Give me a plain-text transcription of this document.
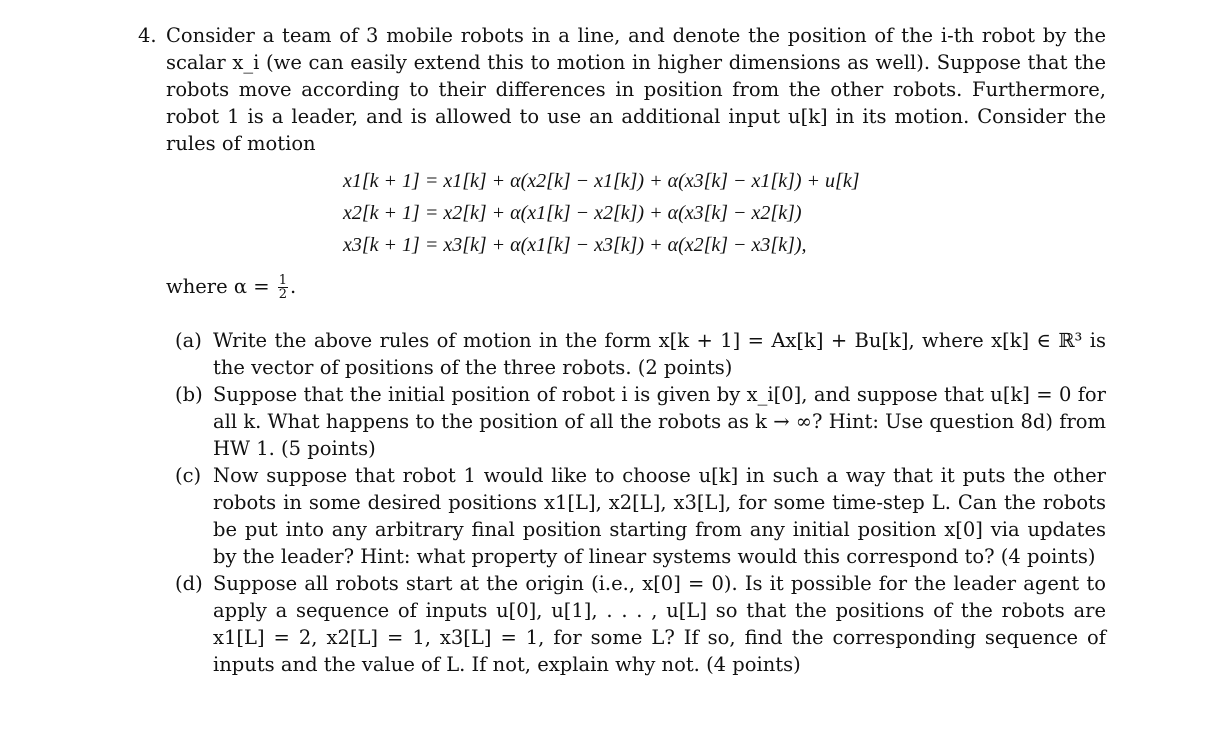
4. Consider a team of 3 mobile robots in a line, and denote the position of the i-th robot by the scalar x_i (we can easily extend this to motion in higher dimensions as well). Suppose that the robots move according to their differences in position from the other robots. Furthermore, robot 1 is a leader, and is allowed to use an additional input u[k] in its motion. Consider the rules of motion
x1[k + 1] = x1[k] + α(x2[k] − x1[k]) + α(x3[k] − x1[k]) + u[k]
x2[k + 1] = x2[k] + α(x1[k] − x2[k]) + α(x3[k] − x2[k])
x3[k + 1] = x3[k] + α(x1[k] − x3[k]) + α(x2[k] − x3[k]),
where $\alpha = \frac{1}{2}$ .
(a) Write the above rules of motion in the form x[k + 1] = Ax[k] + Bu[k], where x[k] ∈ ℝ³ is the vector of positions of the three robots. (2 points)
(b) Suppose that the initial position of robot i is given by x_i[0], and suppose that u[k] = 0 for all k. What happens to the position of all the robots as k → ∞? Hint: Use question 8d) from HW 1. (5 points)
(c) Now suppose that robot 1 would like to choose u[k] in such a way that it puts the other robots in some desired positions x1[L], x2[L], x3[L], for some time-step L. Can the robots be put into any arbitrary final position starting from any initial position x[0] via updates by the leader? Hint: what property of linear systems would this correspond to? (4 points)
(d) Suppose all robots start at the origin (i.e., x[0] = 0). Is it possible for the leader agent to apply a sequence of inputs u[0], u[1], . . . , u[L] so that the positions of the robots are x1[L] = 2, x2[L] = 1, x3[L] = 1, for some L? If so, find the corresponding sequence of inputs and the value of L. If not, explain why not. (4 points)
